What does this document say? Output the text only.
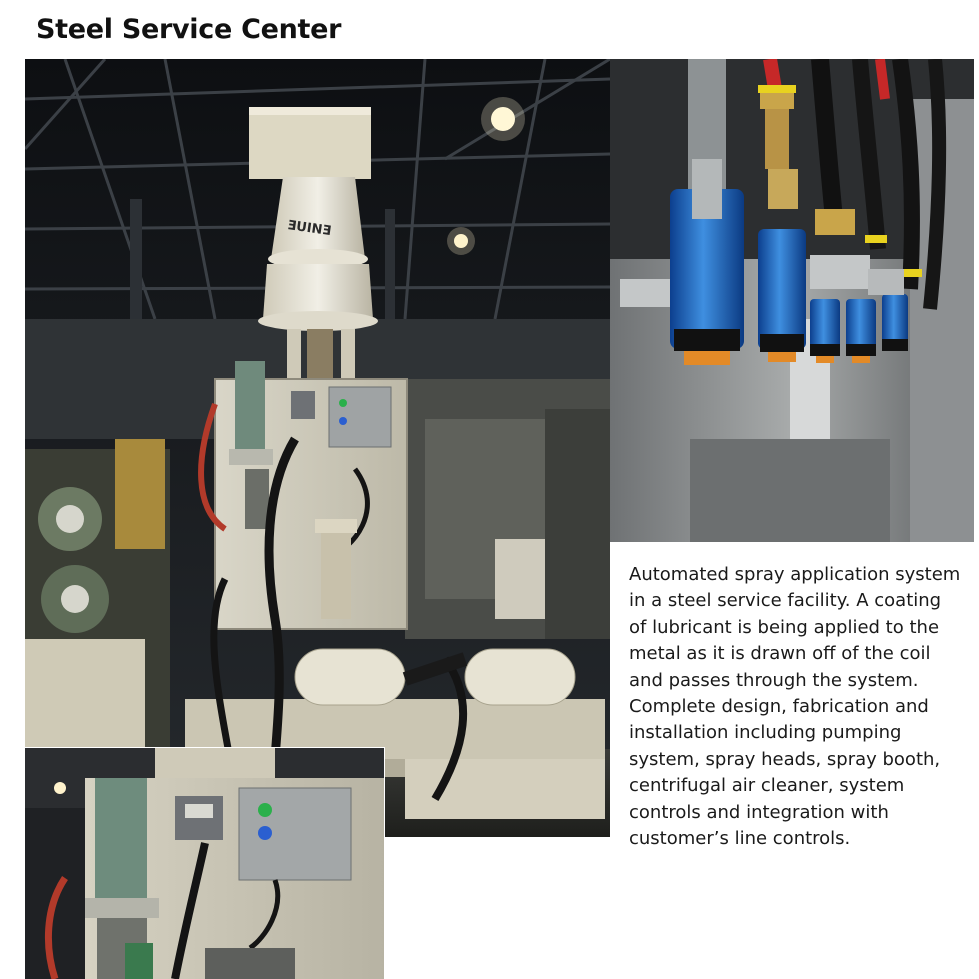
Steel Service Center
ƎUINƎ
Automated spray application system
in a steel service facility. A coating
of lubricant is being applied to the
metal as it is drawn off of the coil
and passes through the system.
Complete design, fabrication and
installation including pumping
system, spray heads, spray booth,
centrifugal air cleaner, system
controls and integration with
customer’s line controls.
